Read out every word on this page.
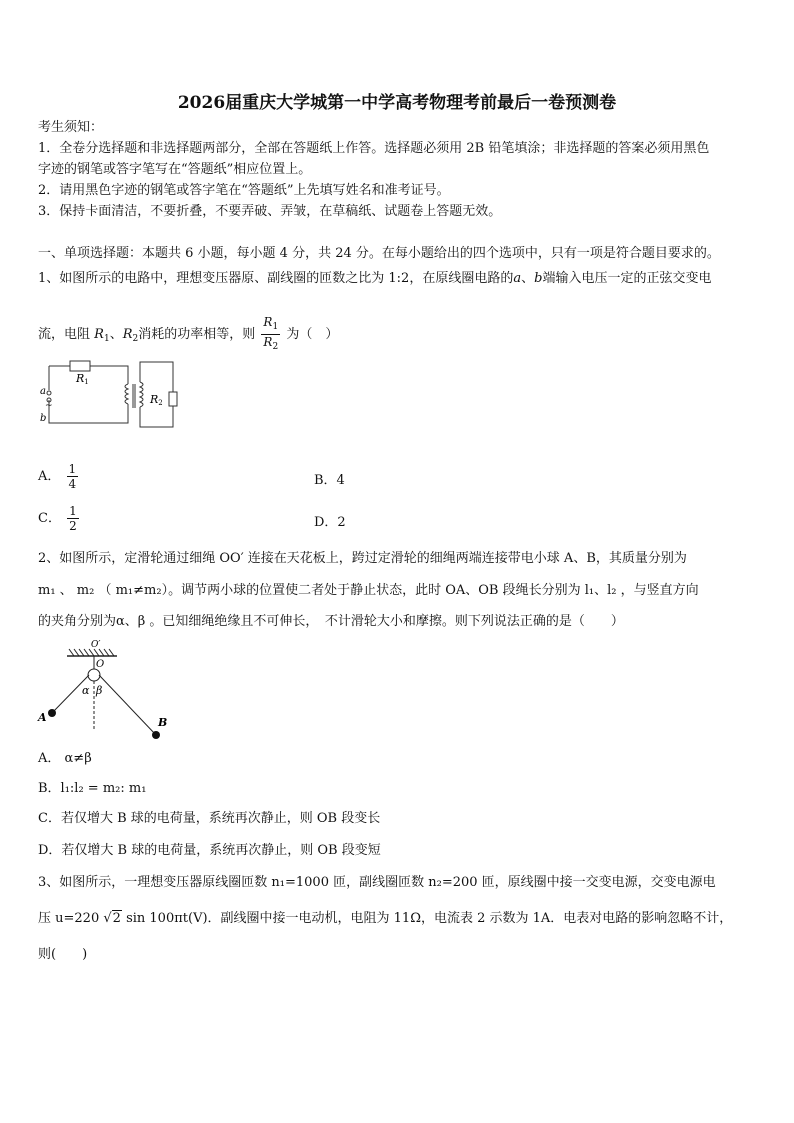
2026届重庆大学城第一中学高考物理考前最后一卷预测卷
考生须知：
1．全卷分选择题和非选择题两部分，全部在答题纸上作答。选择题必须用 2B 铅笔填涂；非选择题的答案必须用黑色
字迹的钢笔或答字笔写在“答题纸”相应位置上。
2．请用黑色字迹的钢笔或答字笔在“答题纸”上先填写姓名和准考证号。
3．保持卡面清洁，不要折叠，不要弄破、弄皱，在草稿纸、试题卷上答题无效。
一、单项选择题：本题共 6 小题，每小题 4 分，共 24 分。在每小题给出的四个选项中，只有一项是符合题目要求的。
1、如图所示的电路中，理想变压器原、副线圈的匝数之比为 1:2，在原线圈电路的a、b端输入电压一定的正弦交变电
流，电阻 $R_1$、$R_2$消耗的功率相等，则 $\frac{R_1}{R_2}$ 为（　）
R1
R2
a
b
~
A． $\frac{1}{4}$	B．4
C． $\frac{1}{2}$	D．2
2、如图所示，定滑轮通过细绳 OO′ 连接在天花板上，跨过定滑轮的细绳两端连接带电小球 A、B，其质量分别为
m₁ 、 m₂ （ m₁≠m₂）。调节两小球的位置使二者处于静止状态，此时 OA、OB 段绳长分别为 l₁、l₂ ，与竖直方向
的夹角分别为α、β 。已知细绳绝缘且不可伸长，　不计滑轮大小和摩擦。则下列说法正确的是（　　）
O′
O
α β
A	B
A． α≠β
B．l₁:l₂ = m₂: m₁
C．若仅增大 B 球的电荷量，系统再次静止，则 OB 段变长
D．若仅增大 B 球的电荷量，系统再次静止，则 OB 段变短
3、如图所示，一理想变压器原线圈匝数 n₁=1000 匝，副线圈匝数 n₂=200 匝，原线圈中接一交变电源，交变电源电
压 u=220 √2 sin 100πt(V)．副线圈中接一电动机，电阻为 11Ω，电流表 2 示数为 1A．电表对电路的影响忽略不计，
则(　　)
